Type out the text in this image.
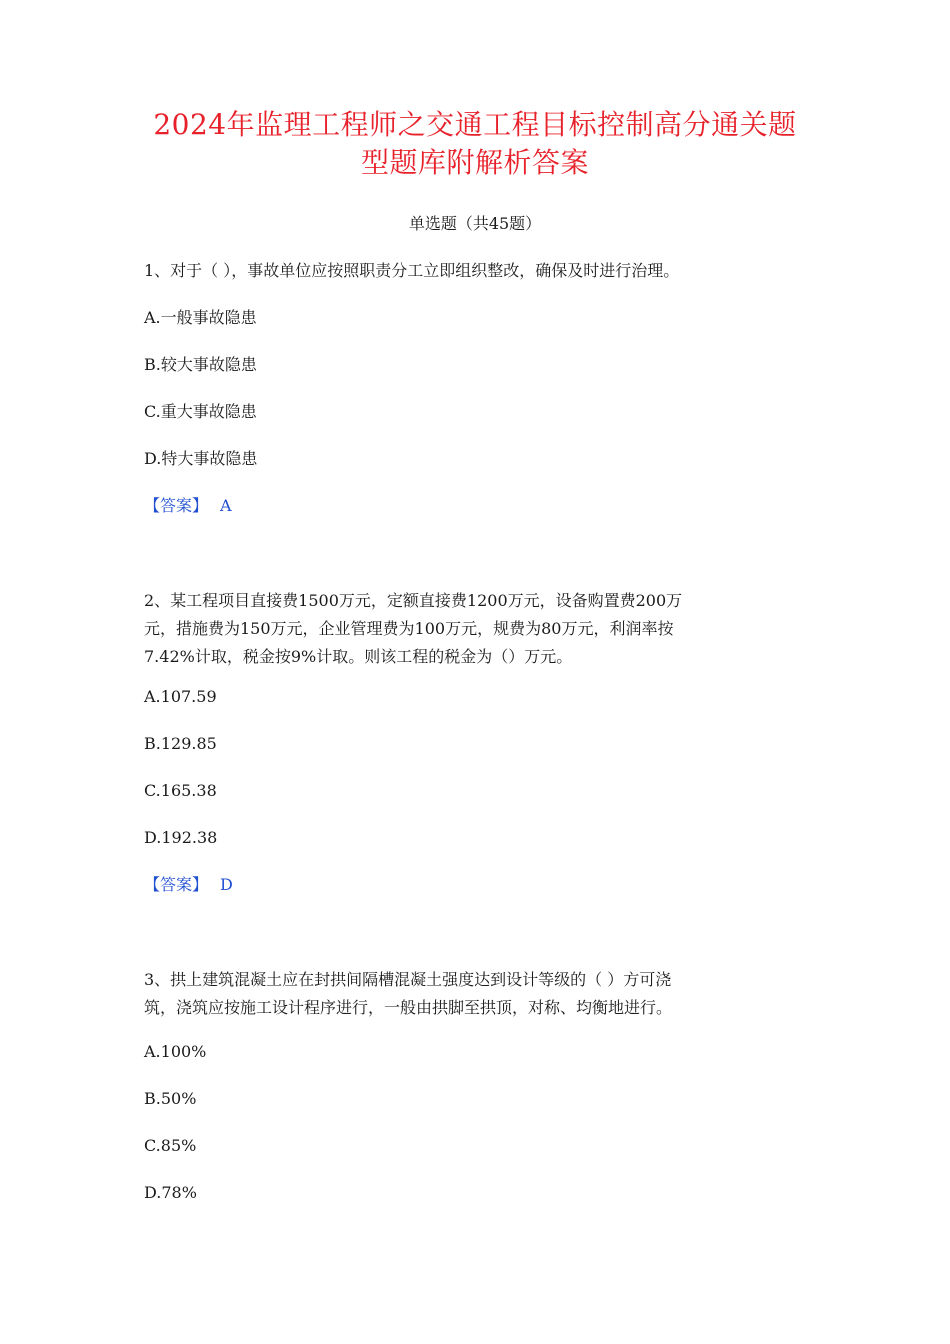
2024年监理工程师之交通工程目标控制高分通关题
型题库附解析答案
单选题（共45题）
1、对于（ ），事故单位应按照职责分工立即组织整改，确保及时进行治理。
A.一般事故隐患
B.较大事故隐患
C.重大事故隐患
D.特大事故隐患
【答案】 A
2、某工程项目直接费1500万元，定额直接费1200万元，设备购置费200万
元，措施费为150万元，企业管理费为100万元，规费为80万元，利润率按
7.42%计取，税金按9%计取。则该工程的税金为（）万元。
A.107.59
B.129.85
C.165.38
D.192.38
【答案】 D
3、拱上建筑混凝土应在封拱间隔槽混凝土强度达到设计等级的（ ）方可浇
筑，浇筑应按施工设计程序进行，一般由拱脚至拱顶，对称、均衡地进行。
A.100%
B.50%
C.85%
D.78%
